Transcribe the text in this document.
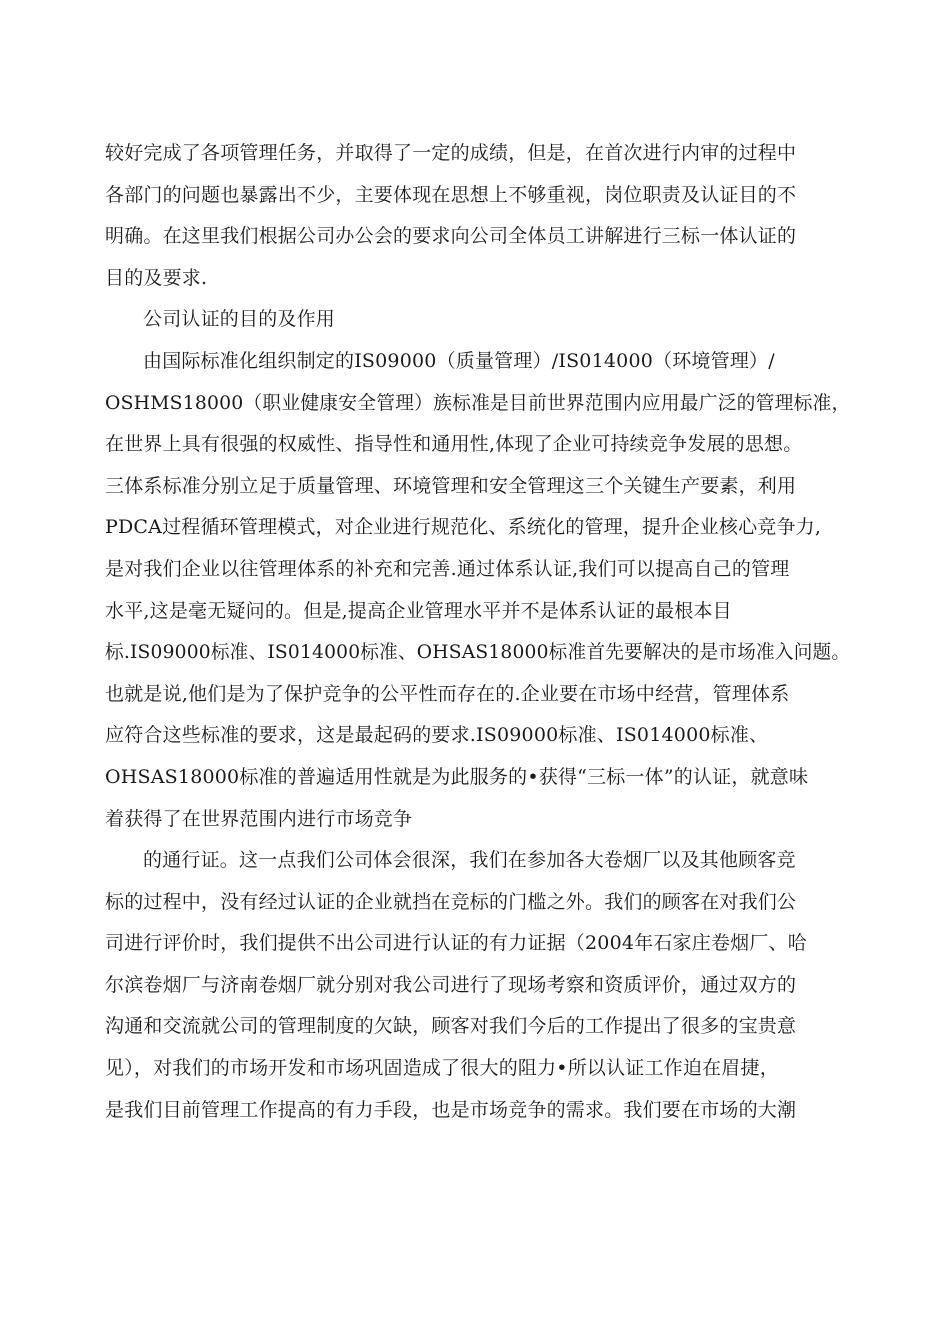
较好完成了各项管理任务，并取得了一定的成绩，但是，在首次进行内审的过程中
各部门的问题也暴露出不少，主要体现在思想上不够重视，岗位职责及认证目的不
明确。在这里我们根据公司办公会的要求向公司全体员工讲解进行三标一体认证的
目的及要求.
公司认证的目的及作用
由国际标准化组织制定的IS09000（质量管理）/IS014000（环境管理）/
OSHMS18000（职业健康安全管理）族标准是目前世界范围内应用最广泛的管理标准，
在世界上具有很强的权威性、指导性和通用性,体现了企业可持续竞争发展的思想。
三体系标准分别立足于质量管理、环境管理和安全管理这三个关键生产要素，利用
PDCA过程循环管理模式，对企业进行规范化、系统化的管理，提升企业核心竞争力,
是对我们企业以往管理体系的补充和完善.通过体系认证,我们可以提高自己的管理
水平,这是毫无疑问的。但是,提高企业管理水平并不是体系认证的最根本目
标.IS09000标准、IS014000标准、OHSAS18000标准首先要解决的是市场准入问题。
也就是说,他们是为了保护竞争的公平性而存在的.企业要在市场中经营，管理体系
应符合这些标准的要求，这是最起码的要求.IS09000标准、IS014000标准、
OHSAS18000标准的普遍适用性就是为此服务的•获得“三标一体”的认证，就意味
着获得了在世界范围内进行市场竞争
的通行证。这一点我们公司体会很深，我们在参加各大卷烟厂以及其他顾客竞
标的过程中，没有经过认证的企业就挡在竞标的门槛之外。我们的顾客在对我们公
司进行评价时，我们提供不出公司进行认证的有力证据（2004年石家庄卷烟厂、哈
尔滨卷烟厂与济南卷烟厂就分别对我公司进行了现场考察和资质评价，通过双方的
沟通和交流就公司的管理制度的欠缺，顾客对我们今后的工作提出了很多的宝贵意
见），对我们的市场开发和市场巩固造成了很大的阻力•所以认证工作迫在眉捷，
是我们目前管理工作提高的有力手段，也是市场竞争的需求。我们要在市场的大潮
